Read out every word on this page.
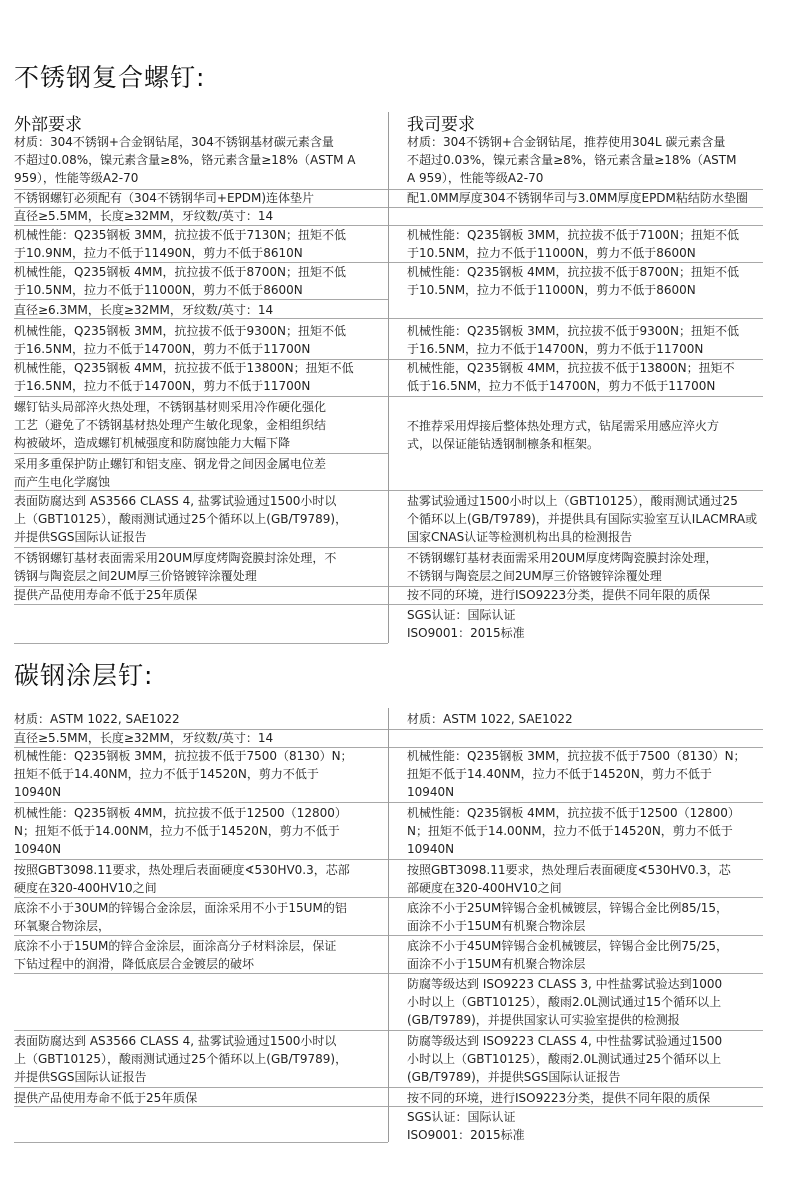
不锈钢复合螺钉:
外部要求	我司要求
材质：304不锈钢+合金钢钻尾，304不锈钢基材碳元素含量
不超过0.08%，镍元素含量≥8%，铬元素含量≥18%（ASTM A
959），性能等级A2-70
不锈钢螺钉必须配有（304不锈钢华司+EPDM)连体垫片
直径≥5.5MM，长度≥32MM，牙纹数/英寸：14
机械性能：Q235钢板 3MM，抗拉拔不低于7130N；扭矩不低
于10.9NM，拉力不低于11490N，剪力不低于8610N
机械性能，Q235钢板 4MM，抗拉拔不低于8700N；扭矩不低
于10.5NM，拉力不低于11000N，剪力不低于8600N
直径≥6.3MM，长度≥32MM，牙纹数/英寸：14
机械性能，Q235钢板 3MM，抗拉拔不低于9300N；扭矩不低
于16.5NM，拉力不低于14700N，剪力不低于11700N
机械性能，Q235钢板 4MM，抗拉拔不低于13800N；扭矩不低
于16.5NM，拉力不低于14700N，剪力不低于11700N
螺钉钻头局部淬火热处理，不锈钢基材则采用冷作硬化强化
工艺（避免了不锈钢基材热处理产生敏化现象，金相组织结
构被破坏，造成螺钉机械强度和防腐蚀能力大幅下降
采用多重保护防止螺钉和铝支座、钢龙骨之间因金属电位差
而产生电化学腐蚀
表面防腐达到 AS3566 CLASS 4, 盐雾试验通过1500小时以
上（GBT10125），酸雨测试通过25个循环以上(GB/T9789)，
并提供SGS国际认证报告
不锈钢螺钉基材表面需采用20UM厚度烤陶瓷膜封涂处理，不
锈钢与陶瓷层之间2UM厚三价铬镀锌涂覆处理
提供产品使用寿命不低于25年质保
材质：304不锈钢+合金钢钻尾，推荐使用304L 碳元素含量
不超过0.03%，镍元素含量≥8%，铬元素含量≥18%（ASTM
A 959），性能等级A2-70
配1.0MM厚度304不锈钢华司与3.0MM厚度EPDM粘结防水垫圈
机械性能：Q235钢板 3MM，抗拉拔不低于7100N；扭矩不低
于10.5NM，拉力不低于11000N，剪力不低于8600N
机械性能：Q235钢板 4MM，抗拉拔不低于8700N；扭矩不低
于10.5NM，拉力不低于11000N，剪力不低于8600N
机械性能：Q235钢板 3MM，抗拉拔不低于9300N；扭矩不低
于16.5NM，拉力不低于14700N，剪力不低于11700N
机械性能，Q235钢板 4MM，抗拉拔不低于13800N；扭矩不
低于16.5NM，拉力不低于14700N，剪力不低于11700N
不推荐采用焊接后整体热处理方式，钻尾需采用感应淬火方
式，以保证能钻透钢制檩条和框架。
盐雾试验通过1500小时以上（GBT10125），酸雨测试通过25
个循环以上(GB/T9789)，并提供具有国际实验室互认ILACMRA或
国家CNAS认证等检测机构出具的检测报告
不锈钢螺钉基材表面需采用20UM厚度烤陶瓷膜封涂处理，
不锈钢与陶瓷层之间2UM厚三价铬镀锌涂覆处理
按不同的环境，进行ISO9223分类，提供不同年限的质保
SGS认证：国际认证
ISO9001：2015标准
碳钢涂层钉:
材质：ASTM 1022, SAE1022
直径≥5.5MM，长度≥32MM，牙纹数/英寸：14
机械性能：Q235钢板 3MM，抗拉拔不低于7500（8130）N；
扭矩不低于14.40NM，拉力不低于14520N，剪力不低于
10940N
机械性能：Q235钢板 4MM，抗拉拔不低于12500（12800）
N；扭矩不低于14.00NM，拉力不低于14520N，剪力不低于
10940N
按照GBT3098.11要求，热处理后表面硬度∢530HV0.3，芯部
硬度在320-400HV10之间
底涂不小于30UM的锌锡合金涂层，面涂采用不小于15UM的铝
环氧聚合物涂层，
底涂不小于15UM的锌合金涂层，面涂高分子材料涂层，保证
下钻过程中的润滑，降低底层合金镀层的破坏
表面防腐达到 AS3566 CLASS 4, 盐雾试验通过1500小时以
上（GBT10125），酸雨测试通过25个循环以上(GB/T9789)，
并提供SGS国际认证报告
提供产品使用寿命不低于25年质保
材质：ASTM 1022, SAE1022
机械性能：Q235钢板 3MM，抗拉拔不低于7500（8130）N；
扭矩不低于14.40NM，拉力不低于14520N，剪力不低于
10940N
机械性能：Q235钢板 4MM，抗拉拔不低于12500（12800）
N；扭矩不低于14.00NM，拉力不低于14520N，剪力不低于
10940N
按照GBT3098.11要求，热处理后表面硬度∢530HV0.3，芯
部硬度在320-400HV10之间
底涂不小于25UM锌锡合金机械镀层，锌锡合金比例85/15，
面涂不小于15UM有机聚合物涂层
底涂不小于45UM锌锡合金机械镀层，锌锡合金比例75/25，
面涂不小于15UM有机聚合物涂层
防腐等级达到 ISO9223 CLASS 3, 中性盐雾试验达到1000
小时以上（GBT10125），酸雨2.0L测试通过15个循环以上
(GB/T9789)，并提供国家认可实验室提供的检测报
防腐等级达到 ISO9223 CLASS 4, 中性盐雾试验通过1500
小时以上（GBT10125），酸雨2.0L测试通过25个循环以上
(GB/T9789)，并提供SGS国际认证报告
按不同的环境，进行ISO9223分类，提供不同年限的质保
SGS认证：国际认证
ISO9001：2015标准
